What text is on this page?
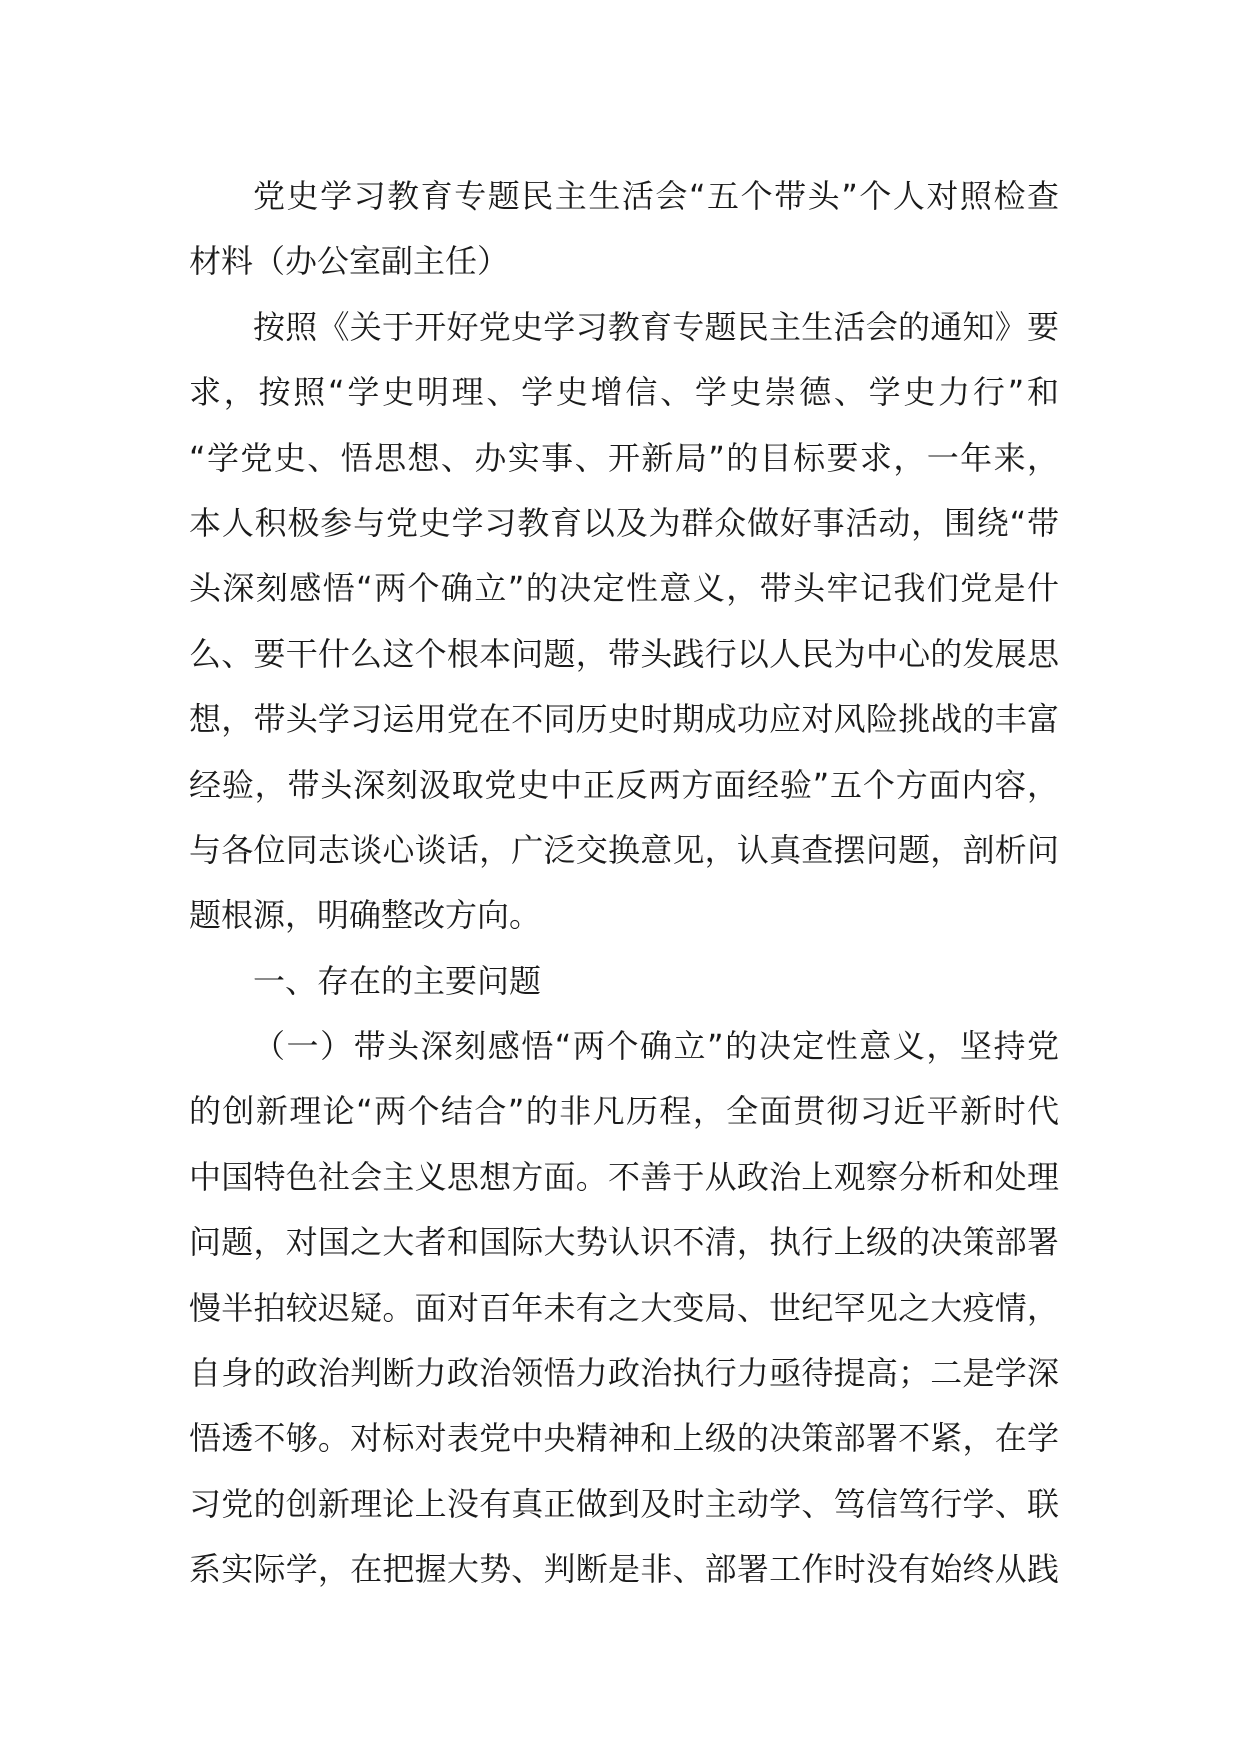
党史学习教育专题民主生活会“五个带头”个人对照检查
材料（办公室副主任）
按照《关于开好党史学习教育专题民主生活会的通知》要
求，按照“学史明理、学史增信、学史崇德、学史力行”和
“学党史、悟思想、办实事、开新局”的目标要求，一年来，
本人积极参与党史学习教育以及为群众做好事活动，围绕“带
头深刻感悟“两个确立”的决定性意义，带头牢记我们党是什
么、要干什么这个根本问题，带头践行以人民为中心的发展思
想，带头学习运用党在不同历史时期成功应对风险挑战的丰富
经验，带头深刻汲取党史中正反两方面经验”五个方面内容，
与各位同志谈心谈话，广泛交换意见，认真查摆问题，剖析问
题根源，明确整改方向。
一、存在的主要问题
（一）带头深刻感悟“两个确立”的决定性意义，坚持党
的创新理论“两个结合”的非凡历程，全面贯彻习近平新时代
中国特色社会主义思想方面。不善于从政治上观察分析和处理
问题，对国之大者和国际大势认识不清，执行上级的决策部署
慢半拍较迟疑。面对百年未有之大变局、世纪罕见之大疫情，
自身的政治判断力政治领悟力政治执行力亟待提高；二是学深
悟透不够。对标对表党中央精神和上级的决策部署不紧，在学
习党的创新理论上没有真正做到及时主动学、笃信笃行学、联
系实际学，在把握大势、判断是非、部署工作时没有始终从践
